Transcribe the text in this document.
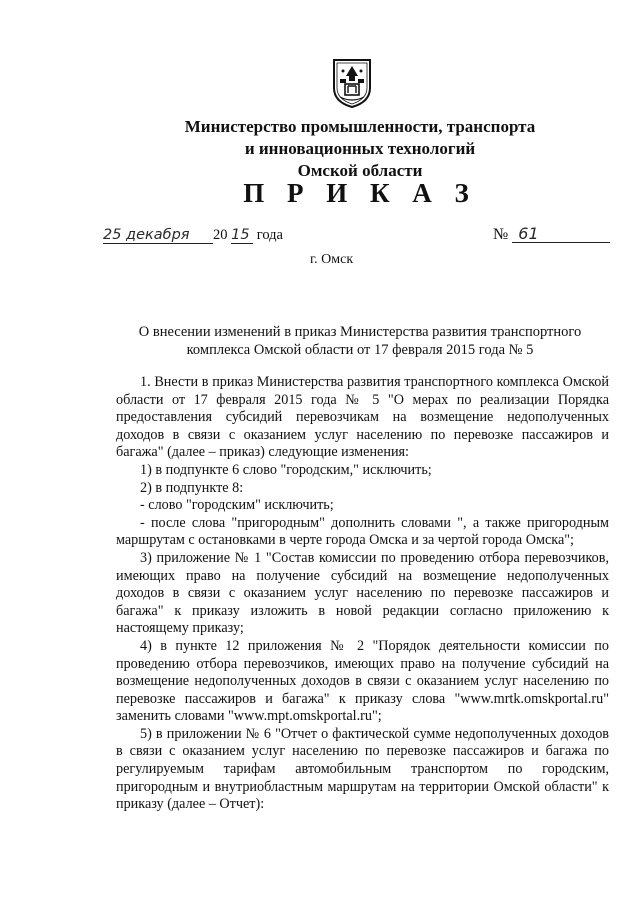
Министерство промышленности, транспорта
и инновационных технологий
Омской области
П Р И К А З
25 декабря 20 15 года	№ 61
г. Омск
О внесении изменений в приказ Министерства развития транспортного
комплекса Омской области от 17 февраля 2015 года № 5

1. Внести в приказ Министерства развития транспортного комплекса Омской области от 17 февраля 2015 года № 5 "О мерах по реализации Порядка предоставления субсидий перевозчикам на возмещение недополученных доходов в связи с оказанием услуг населению по перевозке пассажиров и багажа" (далее – приказ) следующие изменения:

1) в подпункте 6 слово "городским," исключить;

2) в подпункте 8:

- слово "городским" исключить;

- после слова "пригородным" дополнить словами ", а также пригородным маршрутам с остановками в черте города Омска и за чертой города Омска";

3) приложение № 1 "Состав комиссии по проведению отбора перевозчиков, имеющих право на получение субсидий на возмещение недополученных доходов в связи с оказанием услуг населению по перевозке пассажиров и багажа" к приказу изложить в новой редакции согласно приложению к настоящему приказу;

4) в пункте 12 приложения № 2 "Порядок деятельности комиссии по проведению отбора перевозчиков, имеющих право на получение субсидий на возмещение недополученных доходов в связи с оказанием услуг населению по перевозке пассажиров и багажа" к приказу слова "www.mrtk.omskportal.ru" заменить словами "www.mpt.omskportal.ru";

5) в приложении № 6 "Отчет о фактической сумме недополученных доходов в связи с оказанием услуг населению по перевозке пассажиров и багажа по регулируемым тарифам автомобильным транспортом по городским, пригородным и внутриобластным маршрутам на территории Омской области" к приказу (далее – Отчет):
